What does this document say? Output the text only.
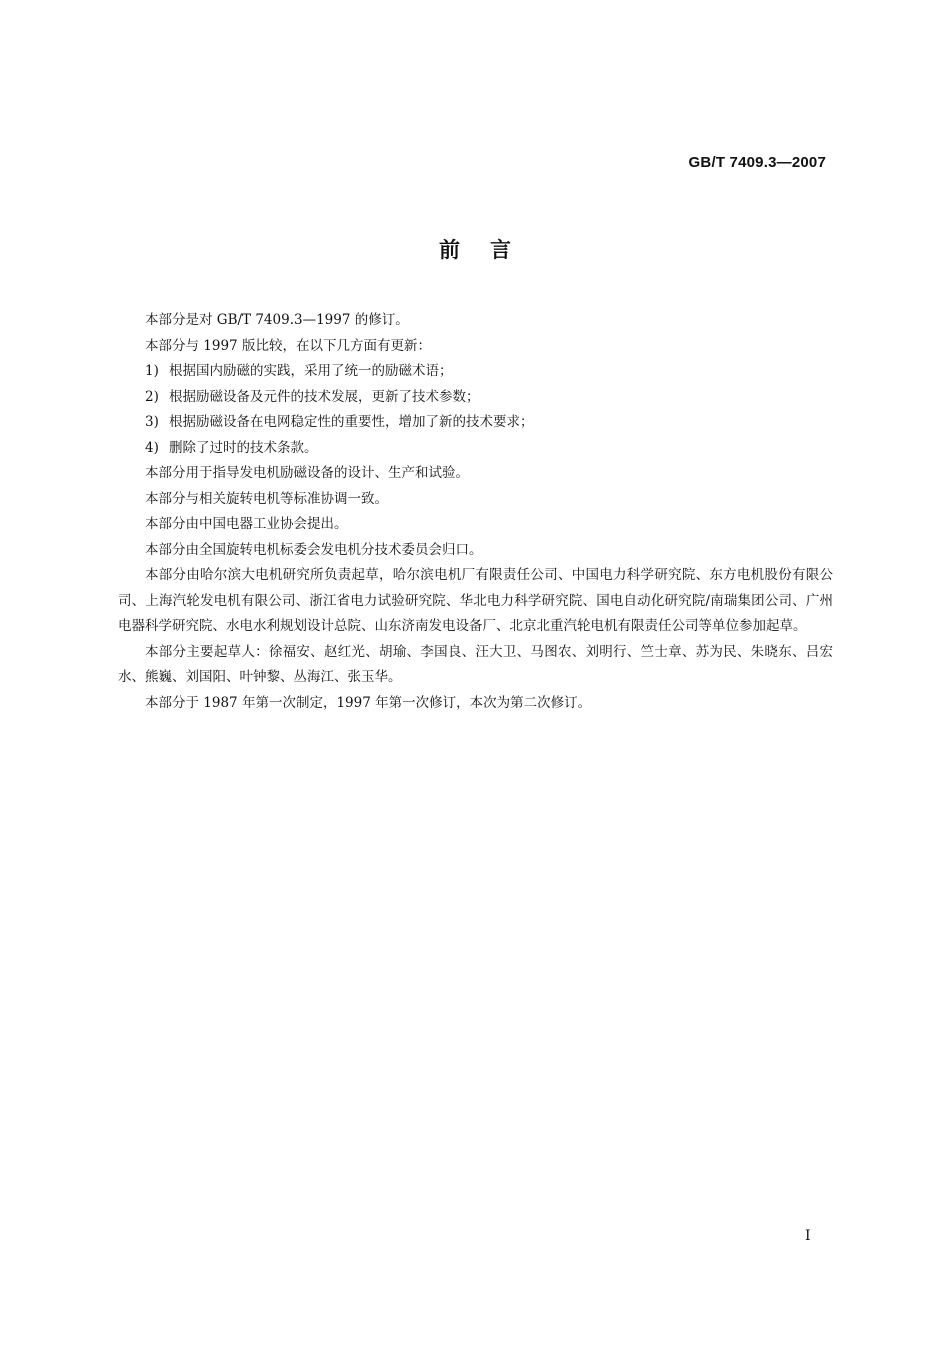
GB/T 7409.3—2007
前言

本部分是对 GB/T 7409.3—1997 的修订。

本部分与 1997 版比较，在以下几方面有更新：

1) 根据国内励磁的实践，采用了统一的励磁术语；

2) 根据励磁设备及元件的技术发展，更新了技术参数；

3) 根据励磁设备在电网稳定性的重要性，增加了新的技术要求；

4) 删除了过时的技术条款。

本部分用于指导发电机励磁设备的设计、生产和试验。

本部分与相关旋转电机等标准协调一致。

本部分由中国电器工业协会提出。

本部分由全国旋转电机标委会发电机分技术委员会归口。

本部分由哈尔滨大电机研究所负责起草，哈尔滨电机厂有限责任公司、中国电力科学研究院、东方电机股份有限公司、上海汽轮发电机有限公司、浙江省电力试验研究院、华北电力科学研究院、国电自动化研究院/南瑞集团公司、广州电器科学研究院、水电水利规划设计总院、山东济南发电设备厂、北京北重汽轮电机有限责任公司等单位参加起草。

本部分主要起草人：徐福安、赵红光、胡瑜、李国良、汪大卫、马图农、刘明行、竺士章、苏为民、朱晓东、吕宏水、熊巍、刘国阳、叶钟黎、丛海江、张玉华。

本部分于 1987 年第一次制定，1997 年第一次修订，本次为第二次修订。

I
